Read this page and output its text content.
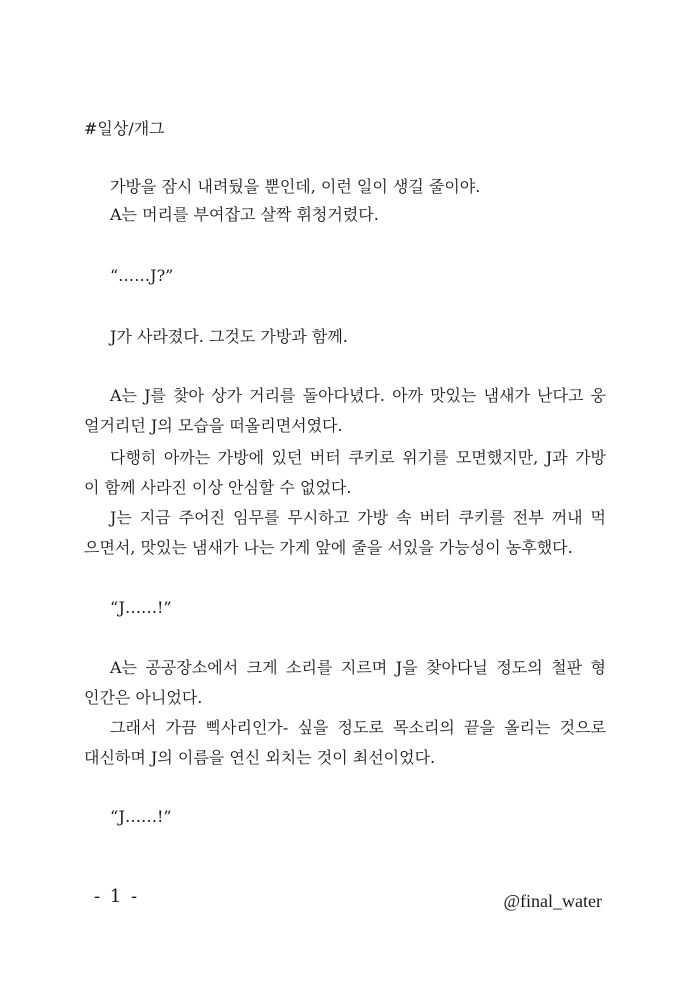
#일상/개그
가방을 잠시 내려뒀을 뿐인데, 이런 일이 생길 줄이야.
A는 머리를 부여잡고 살짝 휘청거렸다.
“……J?”
J가 사라졌다. 그것도 가방과 함께.
A는 J를 찾아 상가 거리를 돌아다녔다. 아까 맛있는 냄새가 난다고 웅
얼거리던 J의 모습을 떠올리면서였다.
다행히 아까는 가방에 있던 버터 쿠키로 위기를 모면했지만, J과 가방
이 함께 사라진 이상 안심할 수 없었다.
J는 지금 주어진 임무를 무시하고 가방 속 버터 쿠키를 전부 꺼내 먹
으면서, 맛있는 냄새가 나는 가게 앞에 줄을 서있을 가능성이 농후했다.
“J……!”
A는 공공장소에서 크게 소리를 지르며 J을 찾아다닐 정도의 철판 형
인간은 아니었다.
그래서 가끔 삑사리인가- 싶을 정도로 목소리의 끝을 올리는 것으로
대신하며 J의 이름을 연신 외치는 것이 최선이었다.
“J……!”
- 1 -	@final_water
